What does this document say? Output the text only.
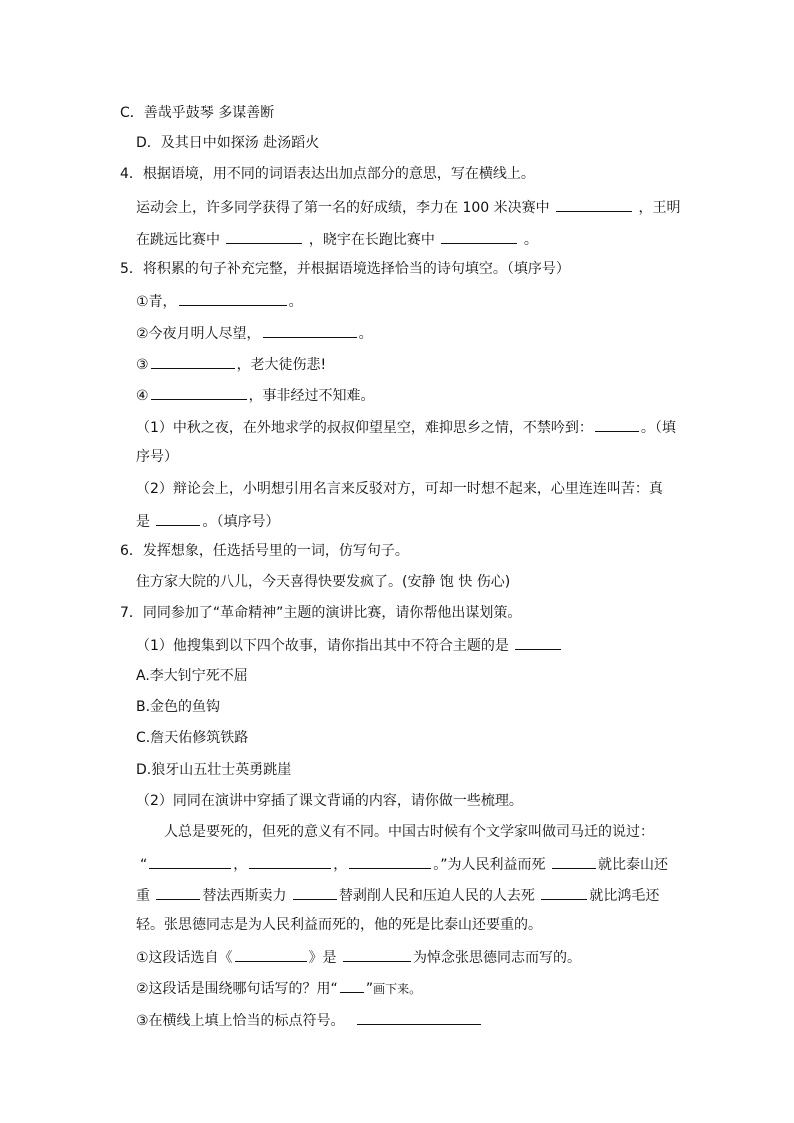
C．善哉乎鼓琴 多谋善断
D．及其日中如探汤 赴汤蹈火
4．根据语境，用不同的词语表达出加点部分的意思，写在横线上。
运动会上，许多同学获得了第一名的好成绩，李力在 100 米决赛中	，王明
在跳远比赛中	，晓宇在长跑比赛中	。
5．将积累的句子补充完整，并根据语境选择恰当的诗句填空。（填序号）
①青，	。
②今夜月明人尽望，	。
③	，老大徒伤悲!
④	，事非经过不知难。
（1）中秋之夜，在外地求学的叔叔仰望星空，难抑思乡之情，不禁吟到：	。（填
序号）
（2）辩论会上，小明想引用名言来反驳对方，可却一时想不起来，心里连连叫苦：真
是	。（填序号）
6．发挥想象，任选括号里的一词，仿写句子。
住方家大院的八儿，今天喜得快要发疯了。(安静 饱 快 伤心)
7．同同参加了“革命精神”主题的演讲比赛，请你帮他出谋划策。
（1）他搜集到以下四个故事，请你指出其中不符合主题的是
A.李大钊宁死不屈
B.金色的鱼钩
C.詹天佑修筑铁路
D.狼牙山五壮士英勇跳崖
（2）同同在演讲中穿插了课文背诵的内容，请你做一些梳理。
人总是要死的，但死的意义有不同。中国古时候有个文学家叫做司马迁的说过：
“	，	，	。”为人民利益而死	就比泰山还
重	替法西斯卖力	替剥削人民和压迫人民的人去死	就比鸿毛还
轻。张思德同志是为人民利益而死的，他的死是比泰山还要重的。
①这段话选自《	》是	为悼念张思德同志而写的。
②这段话是围绕哪句话写的？用“ ”画下来。
③在横线上填上恰当的标点符号。
